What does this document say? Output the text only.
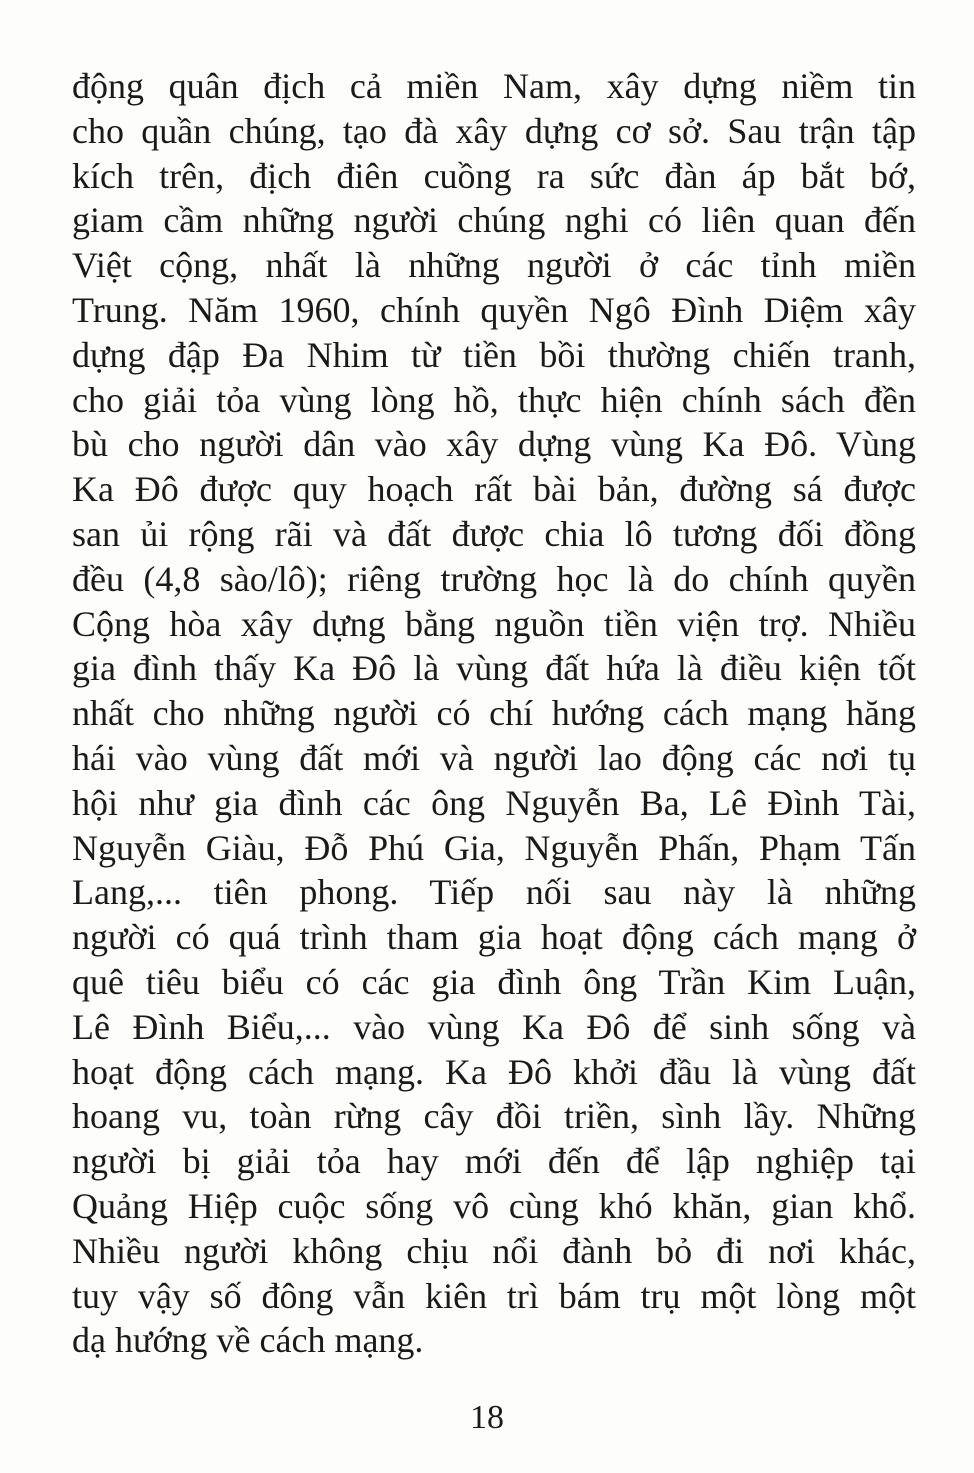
động quân địch cả miền Nam, xây dựng niềm tin
cho quần chúng, tạo đà xây dựng cơ sở. Sau trận tập
kích trên, địch điên cuồng ra sức đàn áp bắt bớ,
giam cầm những người chúng nghi có liên quan đến
Việt cộng, nhất là những người ở các tỉnh miền
Trung. Năm 1960, chính quyền Ngô Đình Diệm xây
dựng đập Đa Nhim từ tiền bồi thường chiến tranh,
cho giải tỏa vùng lòng hồ, thực hiện chính sách đền
bù cho người dân vào xây dựng vùng Ka Đô. Vùng
Ka Đô được quy hoạch rất bài bản, đường sá được
san ủi rộng rãi và đất được chia lô tương đối đồng
đều (4,8 sào/lô); riêng trường học là do chính quyền
Cộng hòa xây dựng bằng nguồn tiền viện trợ. Nhiều
gia đình thấy Ka Đô là vùng đất hứa là điều kiện tốt
nhất cho những người có chí hướng cách mạng hăng
hái vào vùng đất mới và người lao động các nơi tụ
hội như gia đình các ông Nguyễn Ba, Lê Đình Tài,
Nguyễn Giàu, Đỗ Phú Gia, Nguyễn Phấn, Phạm Tấn
Lang,... tiên phong. Tiếp nối sau này là những
người có quá trình tham gia hoạt động cách mạng ở
quê tiêu biểu có các gia đình ông Trần Kim Luận,
Lê Đình Biểu,... vào vùng Ka Đô để sinh sống và
hoạt động cách mạng. Ka Đô khởi đầu là vùng đất
hoang vu, toàn rừng cây đồi triền, sình lầy. Những
người bị giải tỏa hay mới đến để lập nghiệp tại
Quảng Hiệp cuộc sống vô cùng khó khăn, gian khổ.
Nhiều người không chịu nổi đành bỏ đi nơi khác,
tuy vậy số đông vẫn kiên trì bám trụ một lòng một
dạ hướng về cách mạng.
18
